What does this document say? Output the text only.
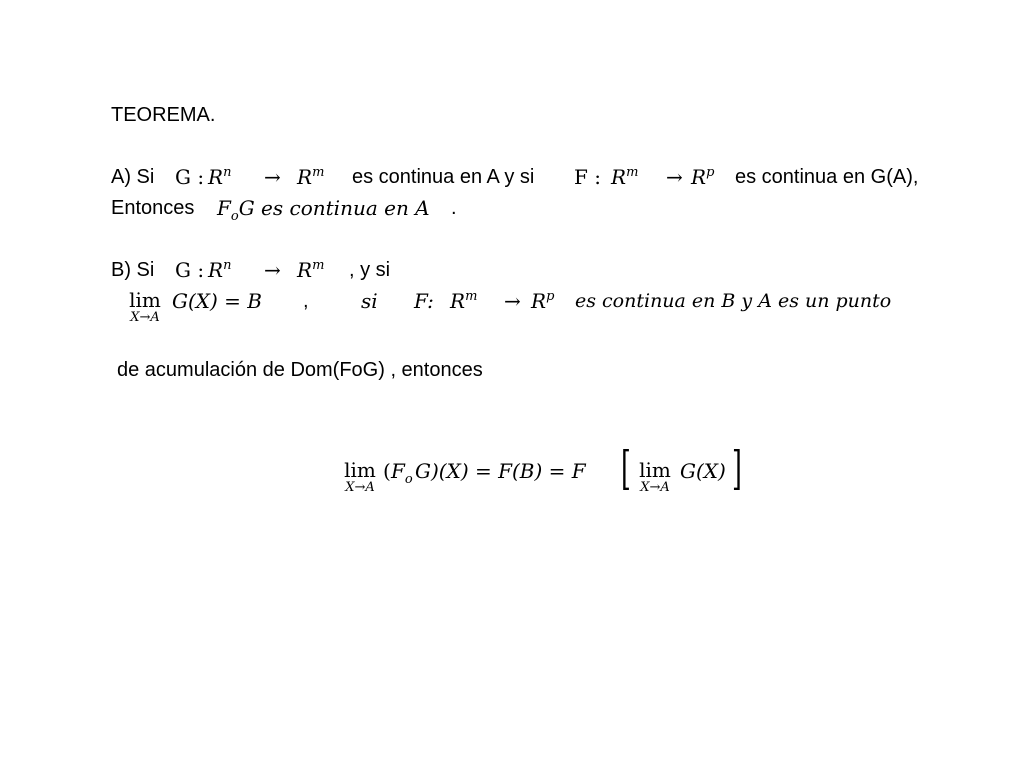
TEOREMA.
A) Si G : $R^n \to R^m$ es continua en A y si F : $R^m \to R^p$ es continua en G(A),
Entonces $F_oG$ es continua en A .
B) Si G : $R^n \to R^m$ , y si
lim
X→A
G(X) = B ,	si F: $R^m \to R^p$ es continua en B y A es un punto
de acumulación de Dom(FoG) , entonces
lim
X→A
( $F_o$ G)(X) = F(B) = F [ lim
X→A
G(X) ]
